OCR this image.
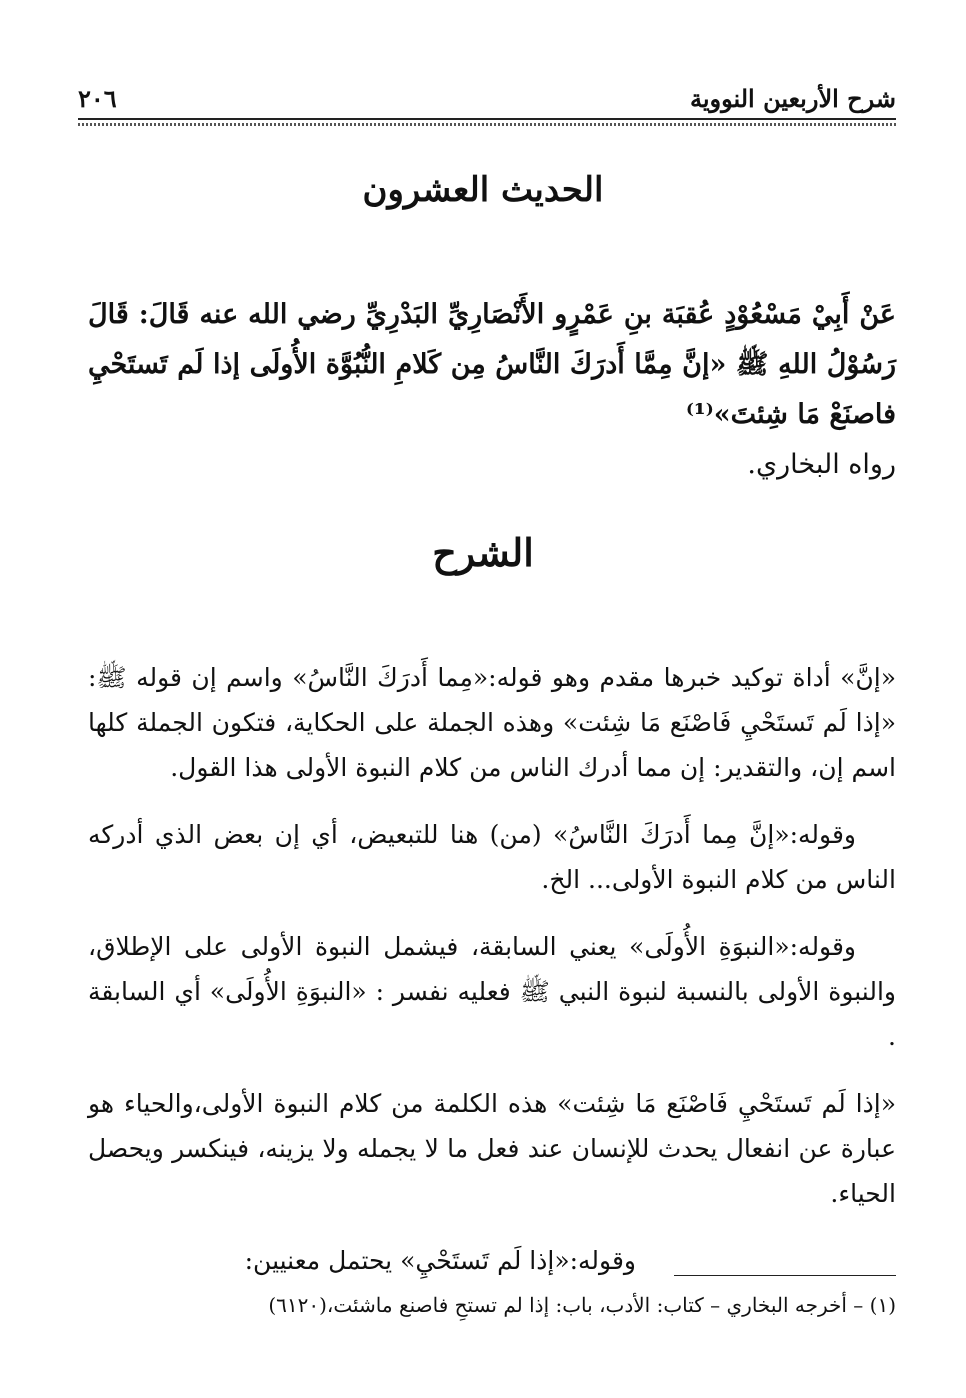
شرح الأربعين النووية
٢٠٦
الحديث العشرون
عَنْ أَبِيْ مَسْعُوْدٍ عُقبَة بنِ عَمْرٍو الأَنْصَارِيِّ البَدْرِيِّ رضي الله عنه قَالَ: قَالَ رَسُوْلُ اللهِ ﷺ «إنَّ مِمَّا أَدرَكَ النَّاسُ مِن كَلامِ النُّبُوَّة الأُولَى إذا لَم تَستَحْيِ فاصنَعْ مَا شِئتَ»⁽¹⁾
رواه البخاري.
الشرح

«إنَّ» أداة توكيد خبرها مقدم وهو قوله:«مِما أَدرَكَ النَّاسُ» واسم إن قوله ﷺ: «إذا لَم تَستَحْيِ فَاصْنَع مَا شِئت» وهذه الجملة على الحكاية، فتكون الجملة كلها اسم إن، والتقدير: إن مما أدرك الناس من كلام النبوة الأولى هذا القول.

وقوله:«إنَّ مِما أَدرَكَ النَّاسُ» (من) هنا للتبعيض، أي إن بعض الذي أدركه الناس من كلام النبوة الأولى... الخ.

وقوله:«النبوَةِ الأُولَى» يعني السابقة، فيشمل النبوة الأولى على الإطلاق، والنبوة الأولى بالنسبة لنبوة النبي ﷺ فعليه نفسر : «النبوَةِ الأُولَى» أي السابقة .

«إذا لَم تَستَحْيِ فَاصْنَع مَا شِئت» هذه الكلمة من كلام النبوة الأولى،والحياء هو عبارة عن انفعال يحدث للإنسان عند فعل ما لا يجمله ولا يزينه، فينكسر ويحصل الحياء.

وقوله:«إذا لَم تَستَحْيِ» يحتمل معنيين:

(١) – أخرجه البخاري – كتاب: الأدب، باب: إذا لم تستحِ فاصنع ماشئت،(٦١٢٠)
